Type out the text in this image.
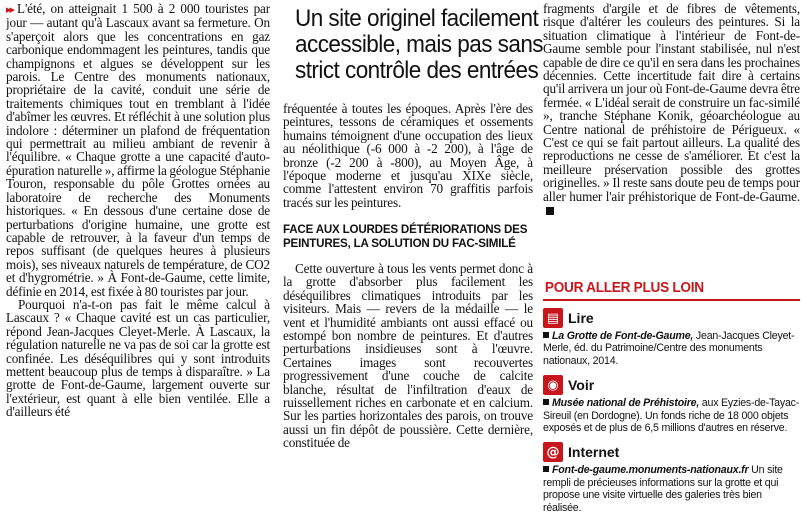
▸▸ L'été, on atteignait 1 500 à 2 000 touristes par jour — autant qu'à Lascaux avant sa fermeture. On s'aperçoit alors que les concentrations en gaz carbonique endommagent les peintures, tandis que champignons et algues se développent sur les parois. Le Centre des monuments nationaux, propriétaire de la cavité, conduit une série de traitements chimiques tout en tremblant à l'idée d'abîmer les œuvres. Et réfléchit à une solution plus indolore : déterminer un plafond de fréquentation qui permettrait au milieu ambiant de revenir à l'équilibre. « Chaque grotte a une capacité d'auto-épuration naturelle », affirme la géologue Stéphanie Touron, responsable du pôle Grottes ornées au laboratoire de recherche des Monuments historiques. « En dessous d'une certaine dose de perturbations d'origine humaine, une grotte est capable de retrouver, à la faveur d'un temps de repos suffisant (de quelques heures à plusieurs mois), ses niveaux naturels de température, de CO2 et d'hygrométrie. » À Font-de-Gaume, cette limite, définie en 2014, est fixée à 80 touristes par jour.
Pourquoi n'a-t-on pas fait le même calcul à Lascaux ? « Chaque cavité est un cas particulier, répond Jean-Jacques Cleyet-Merle. À Lascaux, la régulation naturelle ne va pas de soi car la grotte est confinée. Les déséquilibres qui y sont introduits mettent beaucoup plus de temps à disparaître. » La grotte de Font-de-Gaume, largement ouverte sur l'extérieur, est quant à elle bien ventilée. Elle a d'ailleurs été

Un site originel facilement accessible, mais pas sans strict contrôle des entrées

fréquentée à toutes les époques. Après l'ère des peintures, tessons de céramiques et ossements humains témoignent d'une occupation des lieux au néolithique (-6 000 à -2 200), à l'âge de bronze (-2 200 à -800), au Moyen Âge, à l'époque moderne et jusqu'au XIXe siècle, comme l'attestent environ 70 graffitis parfois tracés sur les peintures.

FACE AUX LOURDES DÉTÉRIORATIONS DES PEINTURES, LA SOLUTION DU FAC-SIMILÉ

Cette ouverture à tous les vents permet donc à la grotte d'absorber plus facilement les déséquilibres climatiques introduits par les visiteurs. Mais — revers de la médaille — le vent et l'humidité ambiants ont aussi effacé ou estompé bon nombre de peintures. Et d'autres perturbations insidieuses sont à l'œuvre. Certaines images sont recouvertes progressivement d'une couche de calcite blanche, résultat de l'infiltration d'eaux de ruissellement riches en carbonate et en calcium. Sur les parties horizontales des parois, on trouve aussi un fin dépôt de poussière. Cette dernière, constituée de

fragments d'argile et de fibres de vêtements, risque d'altérer les couleurs des peintures. Si la situation climatique à l'intérieur de Font-de-Gaume semble pour l'instant stabilisée, nul n'est capable de dire ce qu'il en sera dans les prochaines décennies. Cette incertitude fait dire à certains qu'il arrivera un jour où Font-de-Gaume devra être fermée. « L'idéal serait de construire un fac-similé », tranche Stéphane Konik, géoarchéologue au Centre national de préhistoire de Périgueux. « C'est ce qui se fait partout ailleurs. La qualité des reproductions ne cesse de s'améliorer. Et c'est la meilleure préservation possible des grottes originelles. » Il reste sans doute peu de temps pour aller humer l'air préhistorique de Font-de-Gaume.

POUR ALLER PLUS LOIN
▤ Lire

La Grotte de Font-de-Gaume, Jean-Jacques Cleyet-Merle, éd. du Patrimoine/Centre des monuments nationaux, 2014.

◉ Voir

Musée national de Préhistoire, aux Eyzies-de-Tayac-Sireuil (en Dordogne). Un fonds riche de 18 000 objets exposés et de plus de 6,5 millions d'autres en réserve.

@ Internet

Font-de-gaume.monuments-nationaux.fr Un site rempli de précieuses informations sur la grotte et qui propose une visite virtuelle des galeries très bien réalisée.
